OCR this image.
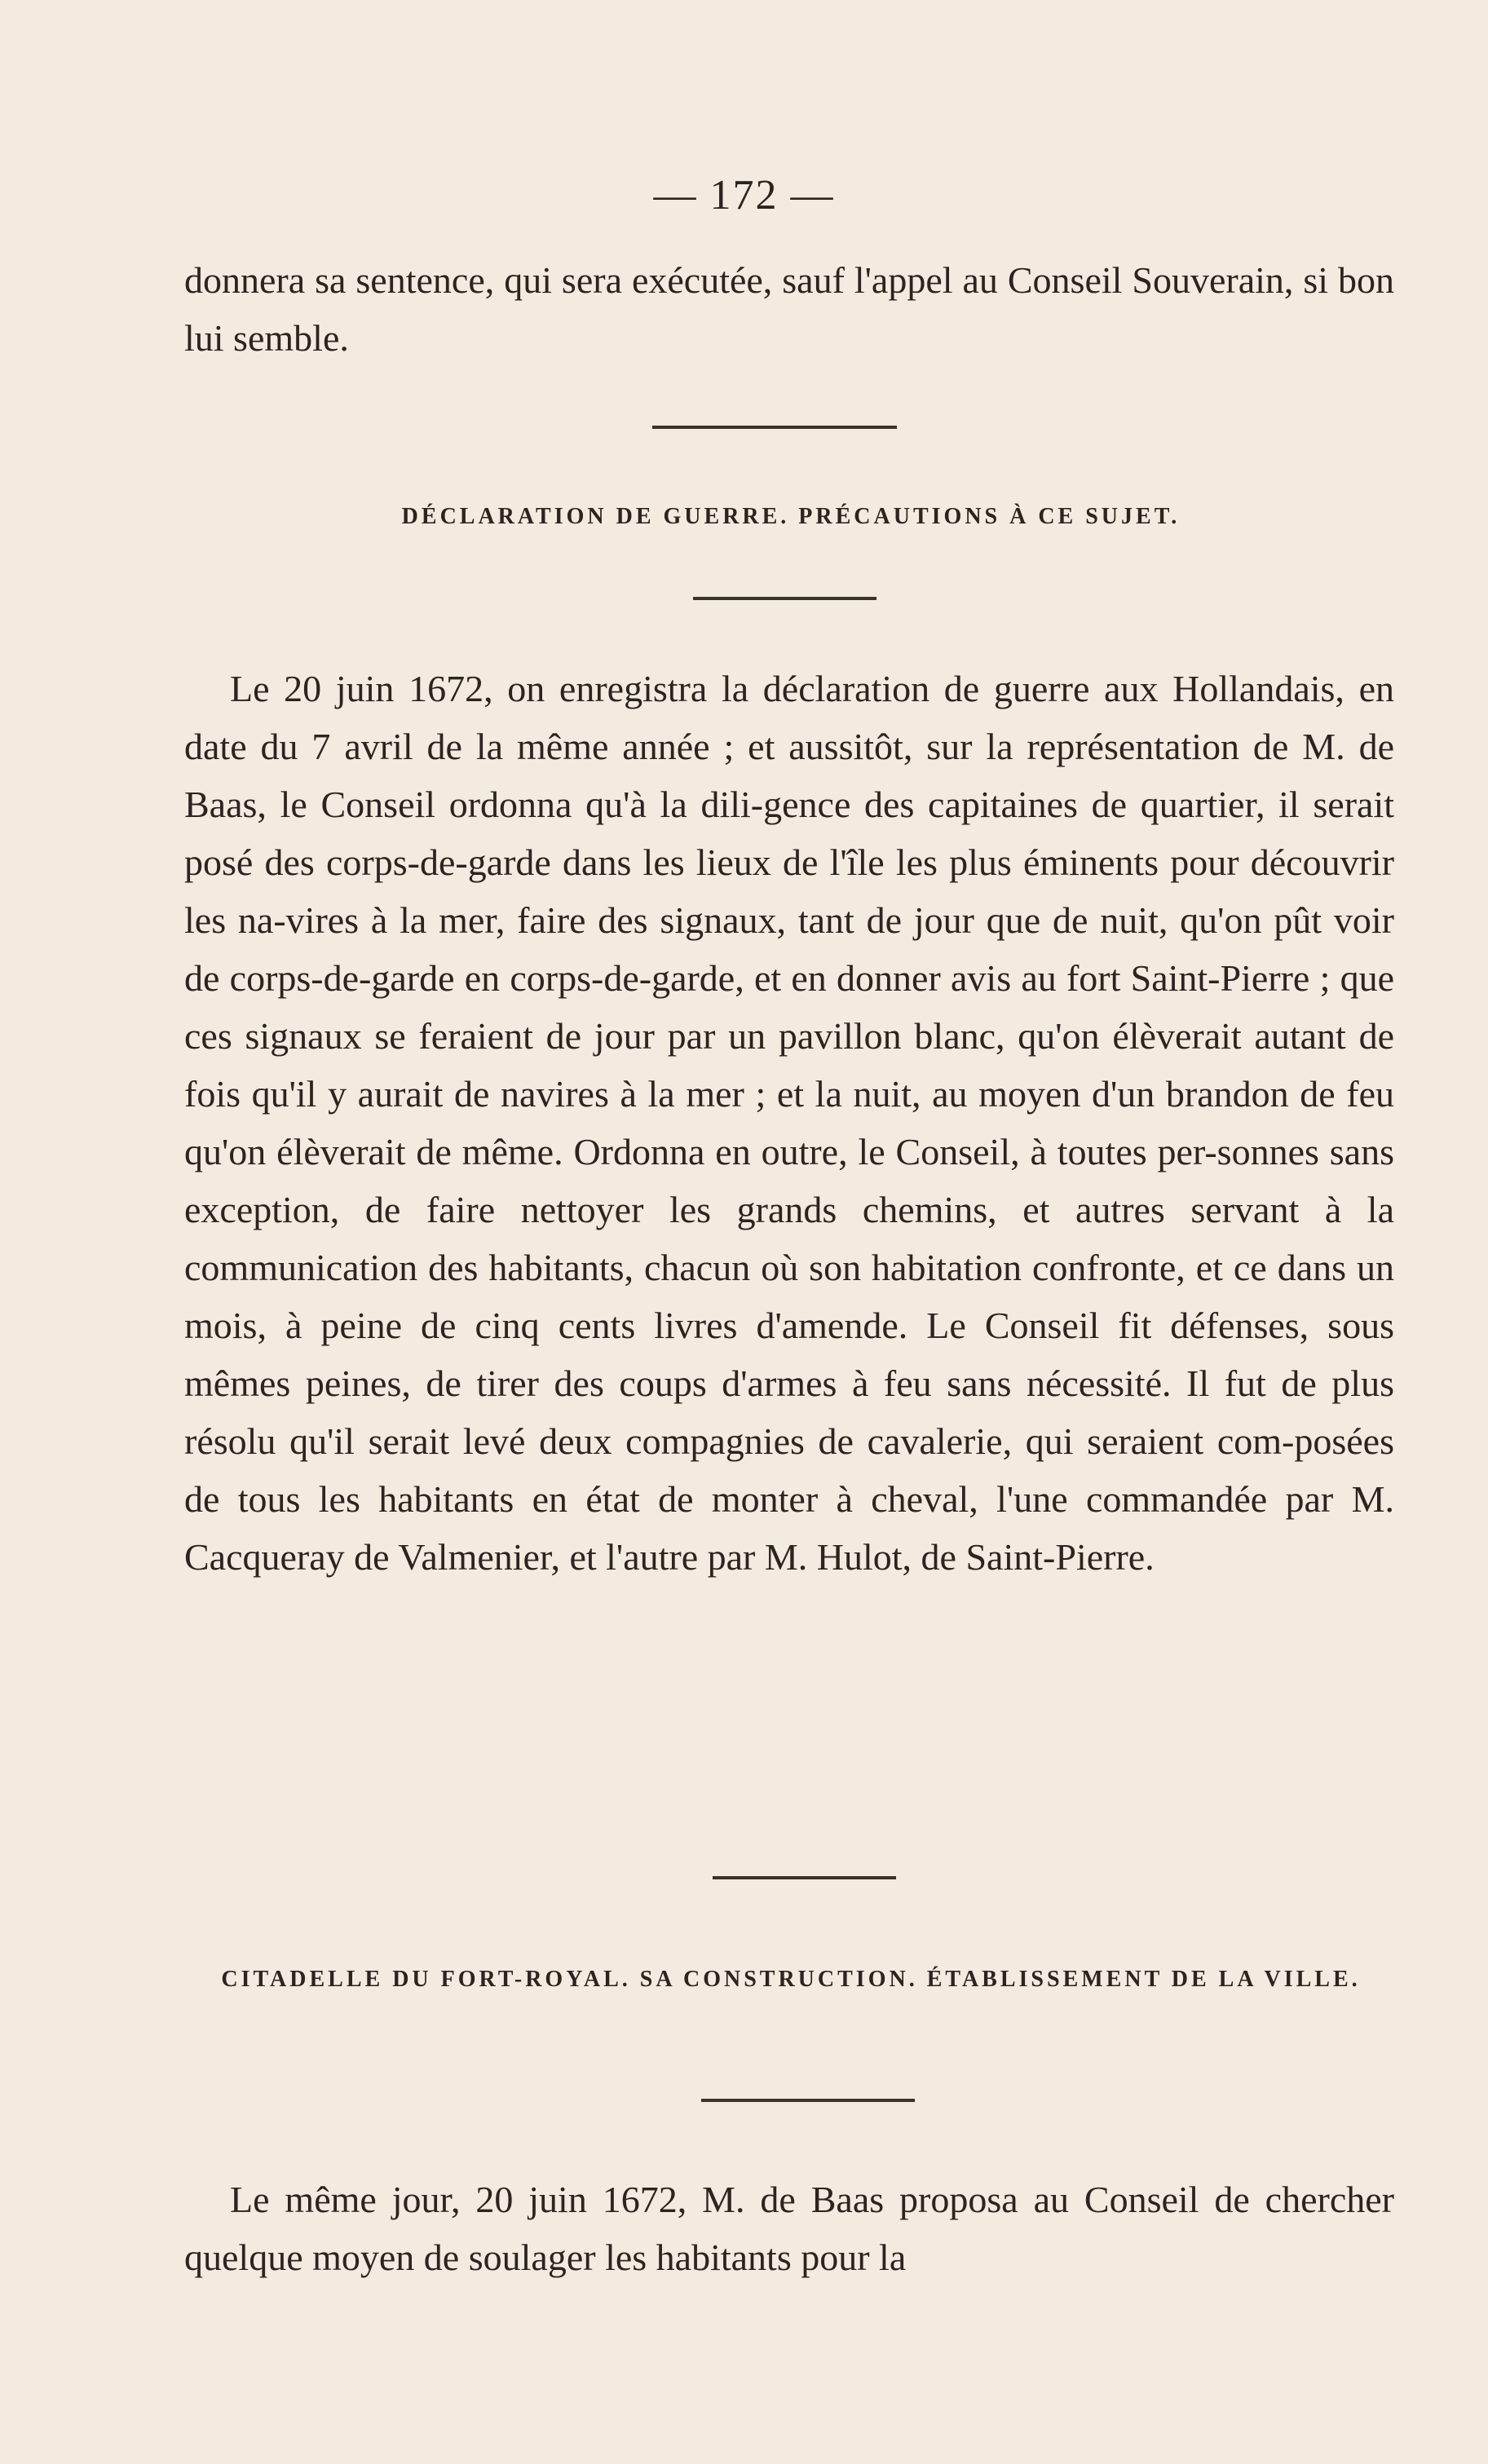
— 172 —

donnera sa sentence, qui sera exécutée, sauf l'appel au Conseil Souverain, si bon lui semble.

DÉCLARATION DE GUERRE. PRÉCAUTIONS À CE SUJET.

Le 20 juin 1672, on enregistra la déclaration de guerre aux Hollandais, en date du 7 avril de la même année ; et aussitôt, sur la représentation de M. de Baas, le Conseil ordonna qu'à la dili-gence des capitaines de quartier, il serait posé des corps-de-garde dans les lieux de l'île les plus éminents pour découvrir les na-vires à la mer, faire des signaux, tant de jour que de nuit, qu'on pût voir de corps-de-garde en corps-de-garde, et en donner avis au fort Saint-Pierre ; que ces signaux se feraient de jour par un pavillon blanc, qu'on élèverait autant de fois qu'il y aurait de navires à la mer ; et la nuit, au moyen d'un brandon de feu qu'on élèverait de même. Ordonna en outre, le Conseil, à toutes per-sonnes sans exception, de faire nettoyer les grands chemins, et autres servant à la communication des habitants, chacun où son habitation confronte, et ce dans un mois, à peine de cinq cents livres d'amende. Le Conseil fit défenses, sous mêmes peines, de tirer des coups d'armes à feu sans nécessité. Il fut de plus résolu qu'il serait levé deux compagnies de cavalerie, qui seraient com-posées de tous les habitants en état de monter à cheval, l'une commandée par M. Cacqueray de Valmenier, et l'autre par M. Hulot, de Saint-Pierre.

CITADELLE DU FORT-ROYAL. SA CONSTRUCTION. ÉTABLISSEMENT DE LA VILLE.

Le même jour, 20 juin 1672, M. de Baas proposa au Conseil de chercher quelque moyen de soulager les habitants pour la
